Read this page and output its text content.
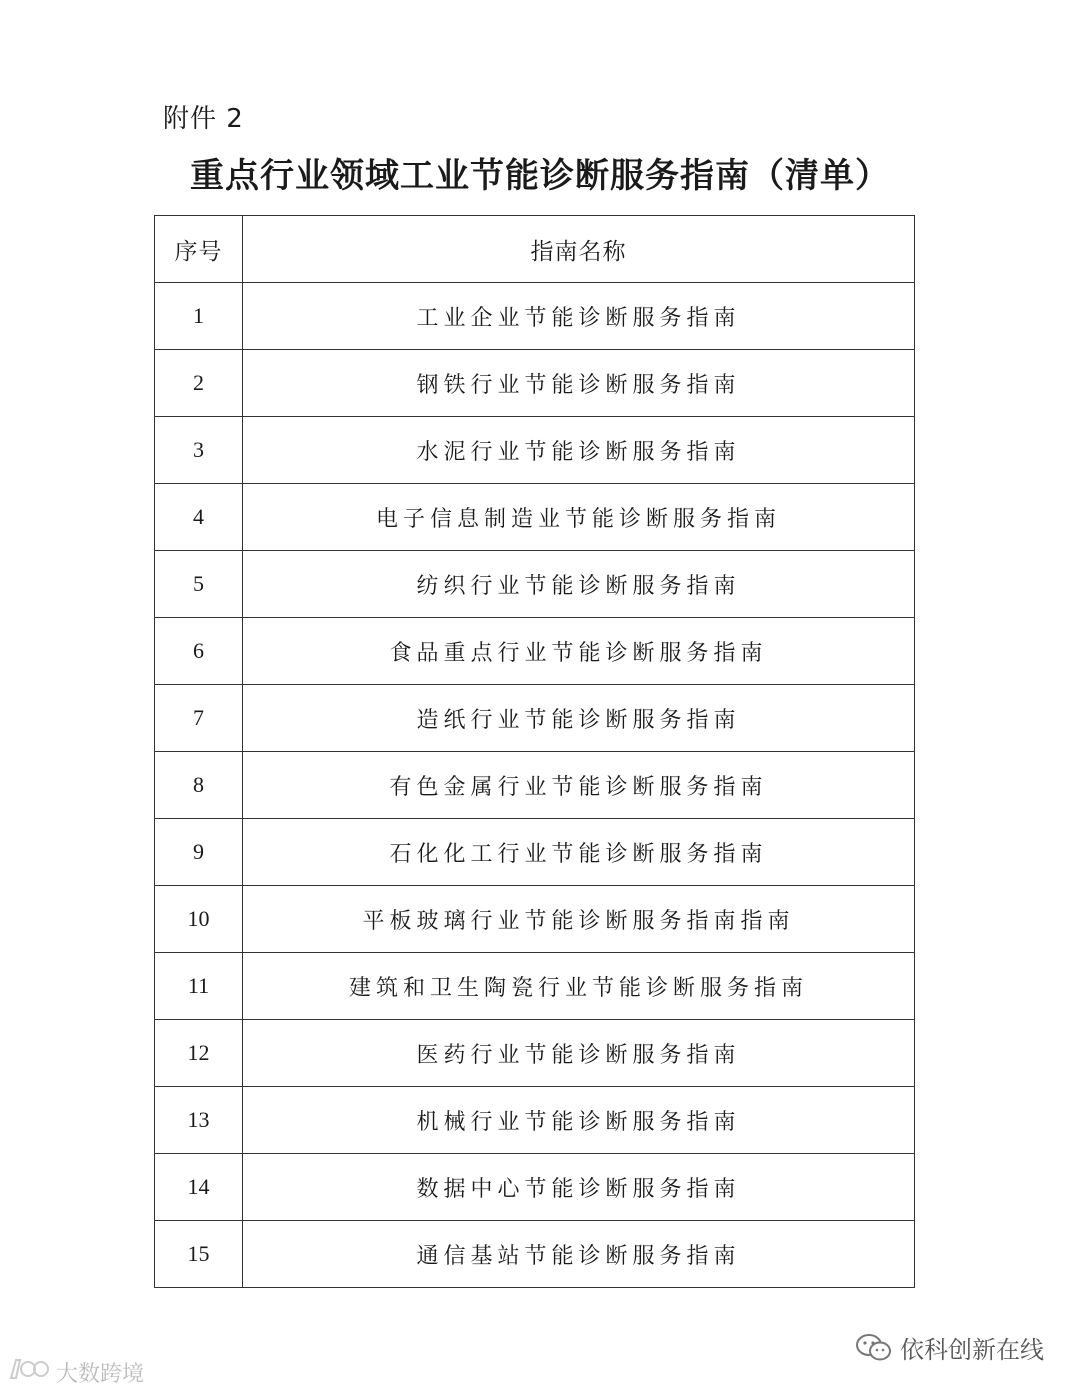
附件 2
重点行业领域工业节能诊断服务指南（清单）
序号	指南名称
1	工业企业节能诊断服务指南
2	钢铁行业节能诊断服务指南
3	水泥行业节能诊断服务指南
4	电子信息制造业节能诊断服务指南
5	纺织行业节能诊断服务指南
6	食品重点行业节能诊断服务指南
7	造纸行业节能诊断服务指南
8	有色金属行业节能诊断服务指南
9	石化化工行业节能诊断服务指南
10	平板玻璃行业节能诊断服务指南指南
11	建筑和卫生陶瓷行业节能诊断服务指南
12	医药行业节能诊断服务指南
13	机械行业节能诊断服务指南
14	数据中心节能诊断服务指南
15	通信基站节能诊断服务指南
依科创新在线
大数跨境
